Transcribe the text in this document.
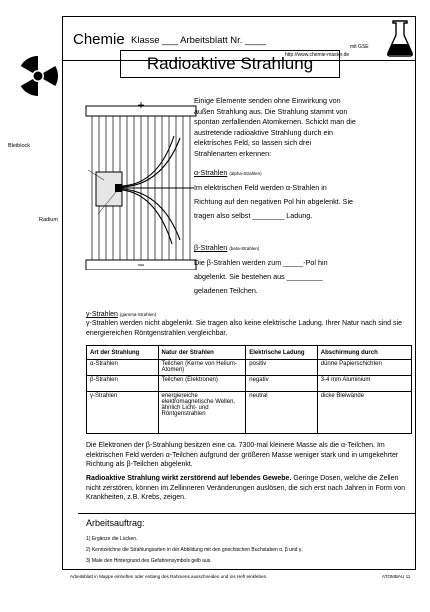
Chemie Klasse ___ Arbeitsblatt Nr. ____
mit GSE
http://www.chemie-master.de
Radioaktive Strahlung
+
−
Bleiblock
Radium
Einige Elemente senden ohne Einwirkung von außen Strahlung aus. Die Strahlung stammt von spontan zerfallenden Atomkernen. Schickt man die austretende radioaktive Strahlung durch ein elektrisches Feld, so lassen sich drei Strahlenarten erkennen:
α-Strahlen (alpha-Strahlen)
Im elektrischen Feld werden α-Strahlen in Richtung auf den negativen Pol hin abgelenkt. Sie tragen also selbst ________ Ladung.
β-Strahlen (beta-Strahlen)
Die β-Strahlen werden zum _____-Pol hin abgelenkt. Sie bestehen aus _________ geladenen Teilchen.
γ-Strahlen (gamma-Strahlen)
γ-Strahlen werden nicht abgelenkt. Sie tragen also keine elektrische Ladung. Ihrer Natur nach sind sie energiereichen Röntgenstrahlen vergleichbar.
Art der Strahlung	Natur der Strahlen	Elektrische Ladung	Abschirmung durch
α-Strahlen	Teilchen (Kerne von Helium-Atomen)	positiv	dünne Papierschichten
β-Strahlen	Teilchen (Elektronen)	negativ	3-4 mm Aluminium
γ-Strahlen	energiereiche elektromagnetische Wellen, ähnlich Licht- und Röntgenstrahlen	neutral	dicke Bleiwände
Die Elektronen der β-Strahlung besitzen eine ca. 7300-mal kleinere Masse als die α-Teilchen. Im elektrischen Feld werden α-Teilchen aufgrund der größeren Masse weniger stark und in umgekehrter Richtung als β-Teilchen abgelenkt.
Radioaktive Strahlung wirkt zerstörend auf lebendes Gewebe. Geringe Dosen, welche die Zellen nicht zerstören, können im Zellinneren Veränderungen auslösen, die sich erst nach Jahren in Form von Krankheiten, z.B. Krebs, zeigen.
Arbeitsauftrag:
1) Ergänze die Lücken.
2) Kennzeichne die Strahlungsarten in der Abbildung mit den griechischen Buchstaben α, β und γ.
3) Male den Hintergrund des Gefahrensymbols gelb aus.
Arbeitsblatt in Mappe einheften oder entlang des Rahmens ausschneiden und ins Heft einkleben.	ATOMBAU 11
